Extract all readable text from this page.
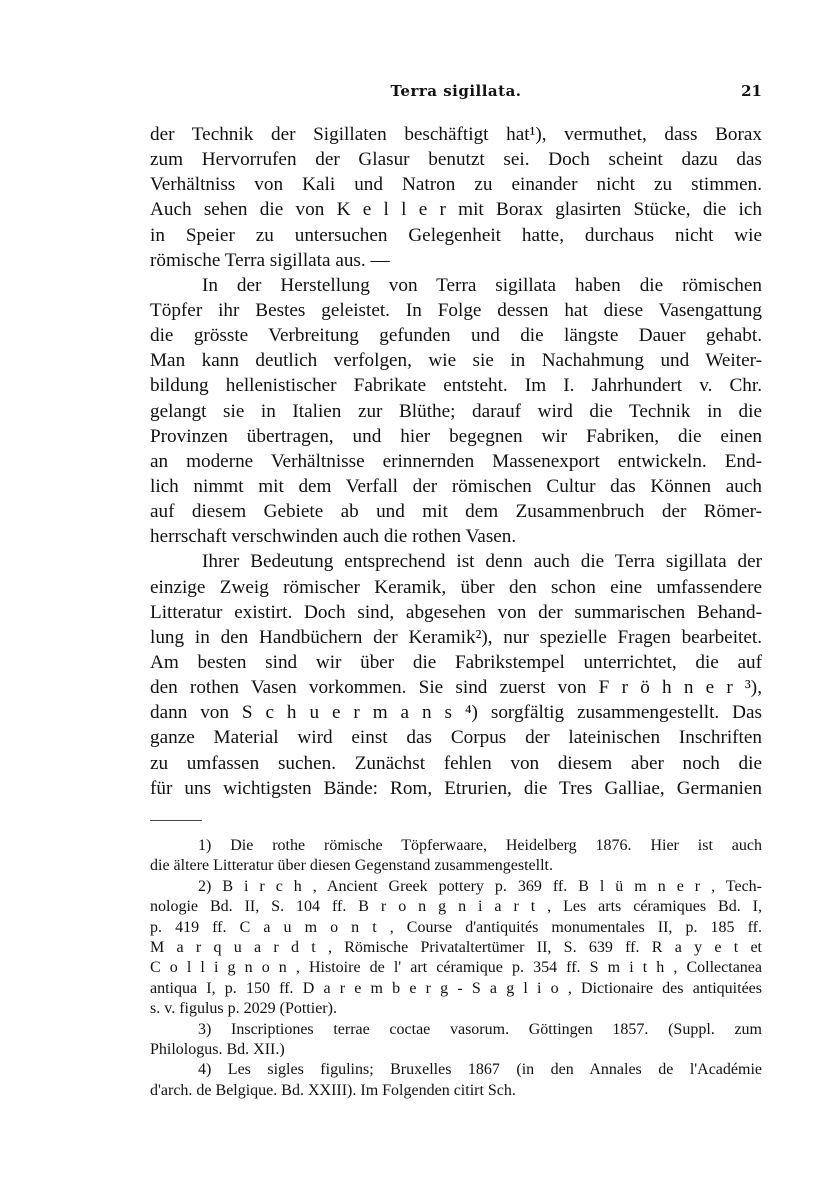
Terra sigillata.	21
der Technik der Sigillaten beschäftigt hat¹), vermuthet, dass Borax
zum Hervorrufen der Glasur benutzt sei. Doch scheint dazu das
Verhältniss von Kali und Natron zu einander nicht zu stimmen.
Auch sehen die von K e l l e r mit Borax glasirten Stücke, die ich
in Speier zu untersuchen Gelegenheit hatte, durchaus nicht wie
römische Terra sigillata aus. —
In der Herstellung von Terra sigillata haben die römischen
Töpfer ihr Bestes geleistet. In Folge dessen hat diese Vasengattung
die grösste Verbreitung gefunden und die längste Dauer gehabt.
Man kann deutlich verfolgen, wie sie in Nachahmung und Weiter-
bildung hellenistischer Fabrikate entsteht. Im I. Jahrhundert v. Chr.
gelangt sie in Italien zur Blüthe; darauf wird die Technik in die
Provinzen übertragen, und hier begegnen wir Fabriken, die einen
an moderne Verhältnisse erinnernden Massenexport entwickeln. End-
lich nimmt mit dem Verfall der römischen Cultur das Können auch
auf diesem Gebiete ab und mit dem Zusammenbruch der Römer-
herrschaft verschwinden auch die rothen Vasen.
Ihrer Bedeutung entsprechend ist denn auch die Terra sigillata der
einzige Zweig römischer Keramik, über den schon eine umfassendere
Litteratur existirt. Doch sind, abgesehen von der summarischen Behand-
lung in den Handbüchern der Keramik²), nur spezielle Fragen bearbeitet.
Am besten sind wir über die Fabrikstempel unterrichtet, die auf
den rothen Vasen vorkommen. Sie sind zuerst von F r ö h n e r ³),
dann von S c h u e r m a n s ⁴) sorgfältig zusammengestellt. Das
ganze Material wird einst das Corpus der lateinischen Inschriften
zu umfassen suchen. Zunächst fehlen von diesem aber noch die
für uns wichtigsten Bände: Rom, Etrurien, die Tres Galliae, Germanien
1) Die rothe römische Töpferwaare, Heidelberg 1876. Hier ist auch
die ältere Litteratur über diesen Gegenstand zusammengestellt.
2) B i r c h , Ancient Greek pottery p. 369 ff. B l ü m n e r , Tech-
nologie Bd. II, S. 104 ff. B r o n g n i a r t , Les arts céramiques Bd. I,
p. 419 ff. C a u m o n t , Course d'antiquités monumentales II, p. 185 ff.
M a r q u a r d t , Römische Privataltertümer II, S. 639 ff. R a y e t et
C o l l i g n o n , Histoire de l' art céramique p. 354 ff. S m i t h , Collectanea
antiqua I, p. 150 ff. D a r e m b e r g - S a g l i o , Dictionaire des antiquitées
s. v. figulus p. 2029 (Pottier).
3) Inscriptiones terrae coctae vasorum. Göttingen 1857. (Suppl. zum
Philologus. Bd. XII.)
4) Les sigles figulins; Bruxelles 1867 (in den Annales de l'Académie
d'arch. de Belgique. Bd. XXIII). Im Folgenden citirt Sch.
